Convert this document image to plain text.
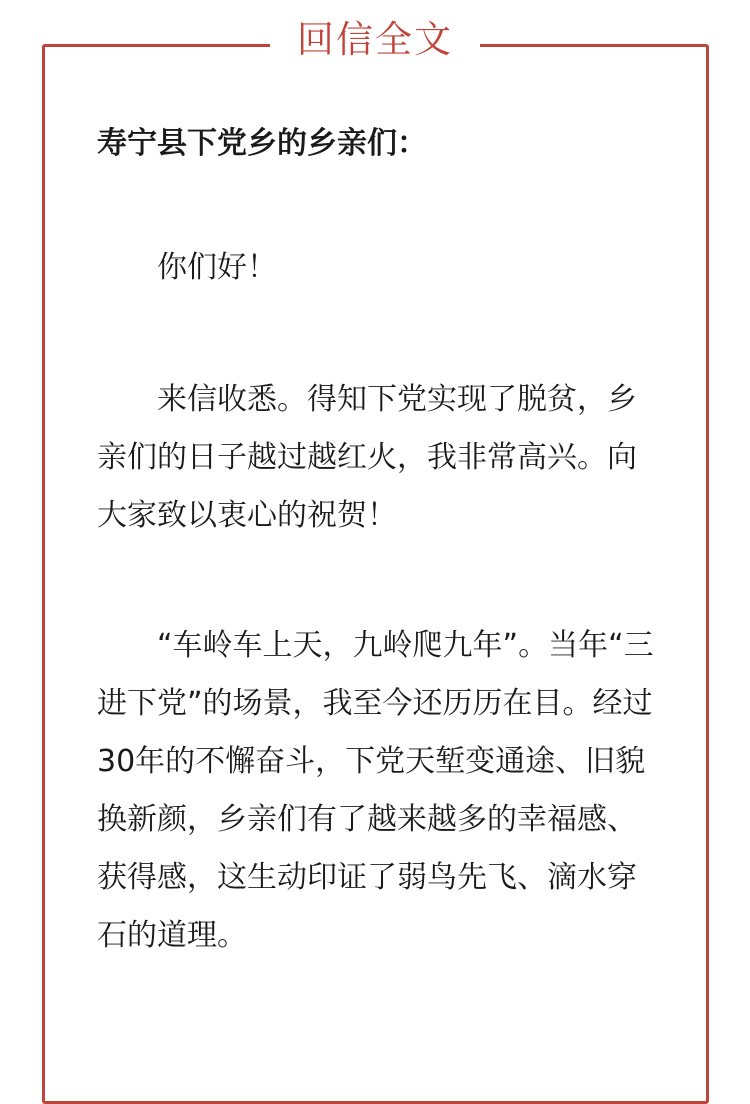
回信全文

寿宁县下党乡的乡亲们：

你们好！

来信收悉。得知下党实现了脱贫，乡亲们的日子越过越红火，我非常高兴。向大家致以衷心的祝贺！

“车岭车上天，九岭爬九年”。当年“三进下党”的场景，我至今还历历在目。经过30年的不懈奋斗，下党天堑变通途、旧貌换新颜，乡亲们有了越来越多的幸福感、获得感，这生动印证了弱鸟先飞、滴水穿石的道理。
